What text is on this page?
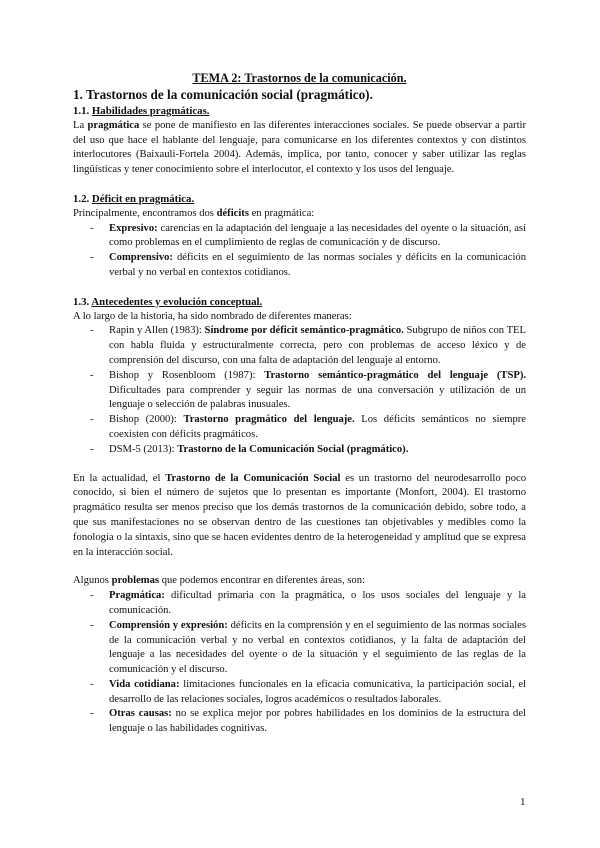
TEMA 2: Trastornos de la comunicación.
1. Trastornos de la comunicación social (pragmático).
1.1. Habilidades pragmáticas.

La pragmática se pone de manifiesto en las diferentes interacciones sociales. Se puede observar a partir del uso que hace el hablante del lenguaje, para comunicarse en los diferentes contextos y con distintos interlocutores (Baixauli-Fortela 2004). Además, implica, por tanto, conocer y saber utilizar las reglas lingüísticas y tener conocimiento sobre el interlocutor, el contexto y los usos del lenguaje.

1.2. Déficit en pragmática.

Principalmente, encontramos dos déficits en pragmática:

- Expresivo: carencias en la adaptación del lenguaje a las necesidades del oyente o la situación, así como problemas en el cumplimiento de reglas de comunicación y de discurso.
- Comprensivo: déficits en el seguimiento de las normas sociales y déficits en la comunicación verbal y no verbal en contextos cotidianos.
1.3. Antecedentes y evolución conceptual.

A lo largo de la historia, ha sido nombrado de diferentes maneras:

- Rapin y Allen (1983): Síndrome por déficit semántico-pragmático. Subgrupo de niños con TEL con habla fluida y estructuralmente correcta, pero con problemas de acceso léxico y de comprensión del discurso, con una falta de adaptación del lenguaje al entorno.
- Bishop y Rosenbloom (1987): Trastorno semántico-pragmático del lenguaje (TSP). Dificultades para comprender y seguir las normas de una conversación y utilización de un lenguaje o selección de palabras inusuales.
- Bishop (2000): Trastorno pragmático del lenguaje. Los déficits semánticos no siempre coexisten con déficits pragmáticos.
- DSM-5 (2013): Trastorno de la Comunicación Social (pragmático).

En la actualidad, el Trastorno de la Comunicación Social es un trastorno del neurodesarrollo poco conocido, si bien el número de sujetos que lo presentan es importante (Monfort, 2004). El trastorno pragmático resulta ser menos preciso que los demás trastornos de la comunicación debido, sobre todo, a que sus manifestaciones no se observan dentro de las cuestiones tan objetivables y medibles como la fonología o la sintaxis, sino que se hacen evidentes dentro de la heterogeneidad y amplitud que se expresa en la interacción social.

Algunos problemas que podemos encontrar en diferentes áreas, son:

- Pragmática: dificultad primaria con la pragmática, o los usos sociales del lenguaje y la comunicación.
- Comprensión y expresión: déficits en la comprensión y en el seguimiento de las normas sociales de la comunicación verbal y no verbal en contextos cotidianos, y la falta de adaptación del lenguaje a las necesidades del oyente o de la situación y el seguimiento de las reglas de la comunicación y el discurso.
- Vida cotidiana: limitaciones funcionales en la eficacia comunicativa, la participación social, el desarrollo de las relaciones sociales, logros académicos o resultados laborales.
- Otras causas: no se explica mejor por pobres habilidades en los dominios de la estructura del lenguaje o las habilidades cognitivas.
1
